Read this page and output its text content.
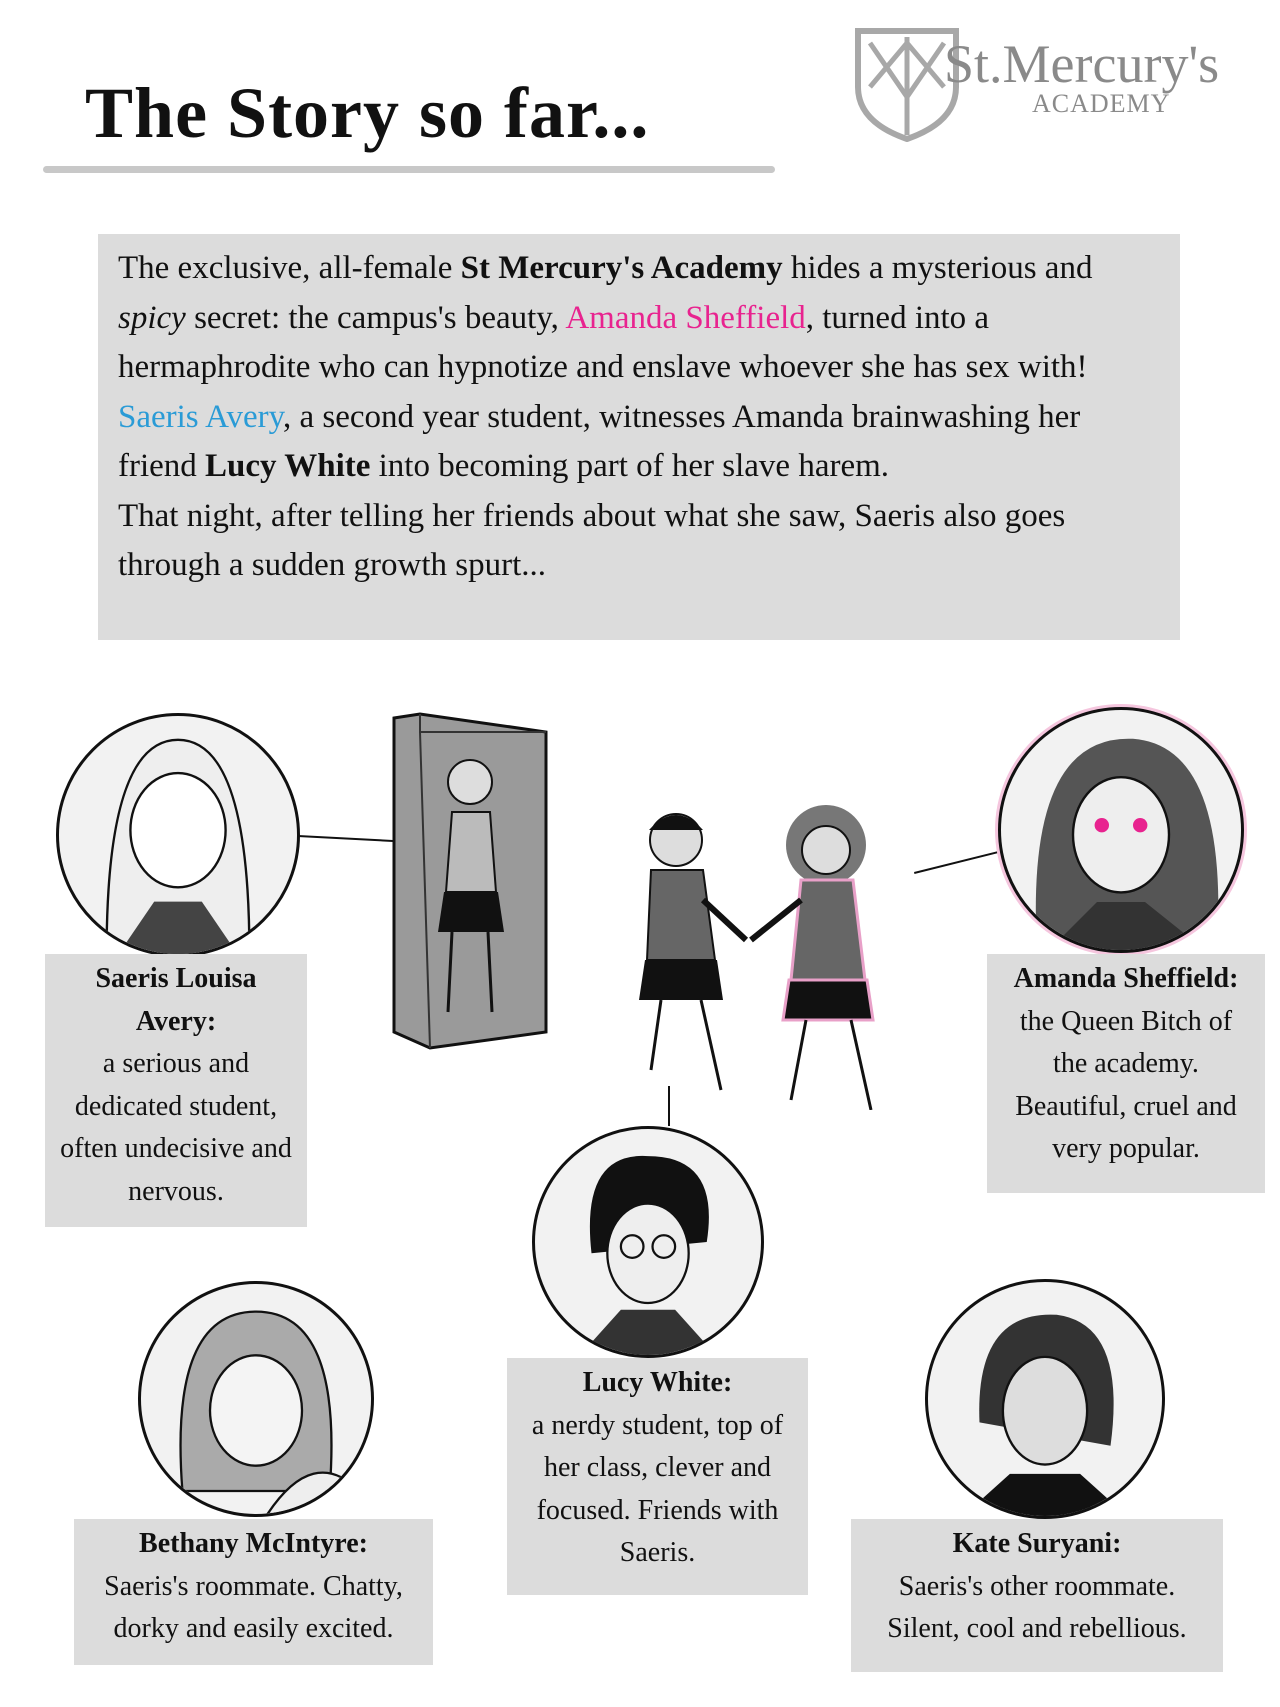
The Story so far...
St.Mercury's
ACADEMY
The exclusive, all-female St Mercury's Academy hides a mysterious and spicy secret: the campus's beauty, Amanda Sheffield, turned into a hermaphrodite who can hypnotize and enslave whoever she has sex with! Saeris Avery, a second year student, witnesses Amanda brainwashing her friend Lucy White into becoming part of her slave harem.
That night, after telling her friends about what she saw, Saeris also goes through a sudden growth spurt...
Saeris Louisa Avery:
a serious and dedicated student, often undecisive and nervous.
Amanda Sheffield:
the Queen Bitch of the academy. Beautiful, cruel and very popular.
Lucy White:
a nerdy student, top of her class, clever and focused. Friends with Saeris.
Bethany McIntyre:
Saeris's roommate. Chatty, dorky and easily excited.
Kate Suryani:
Saeris's other roommate. Silent, cool and rebellious.
